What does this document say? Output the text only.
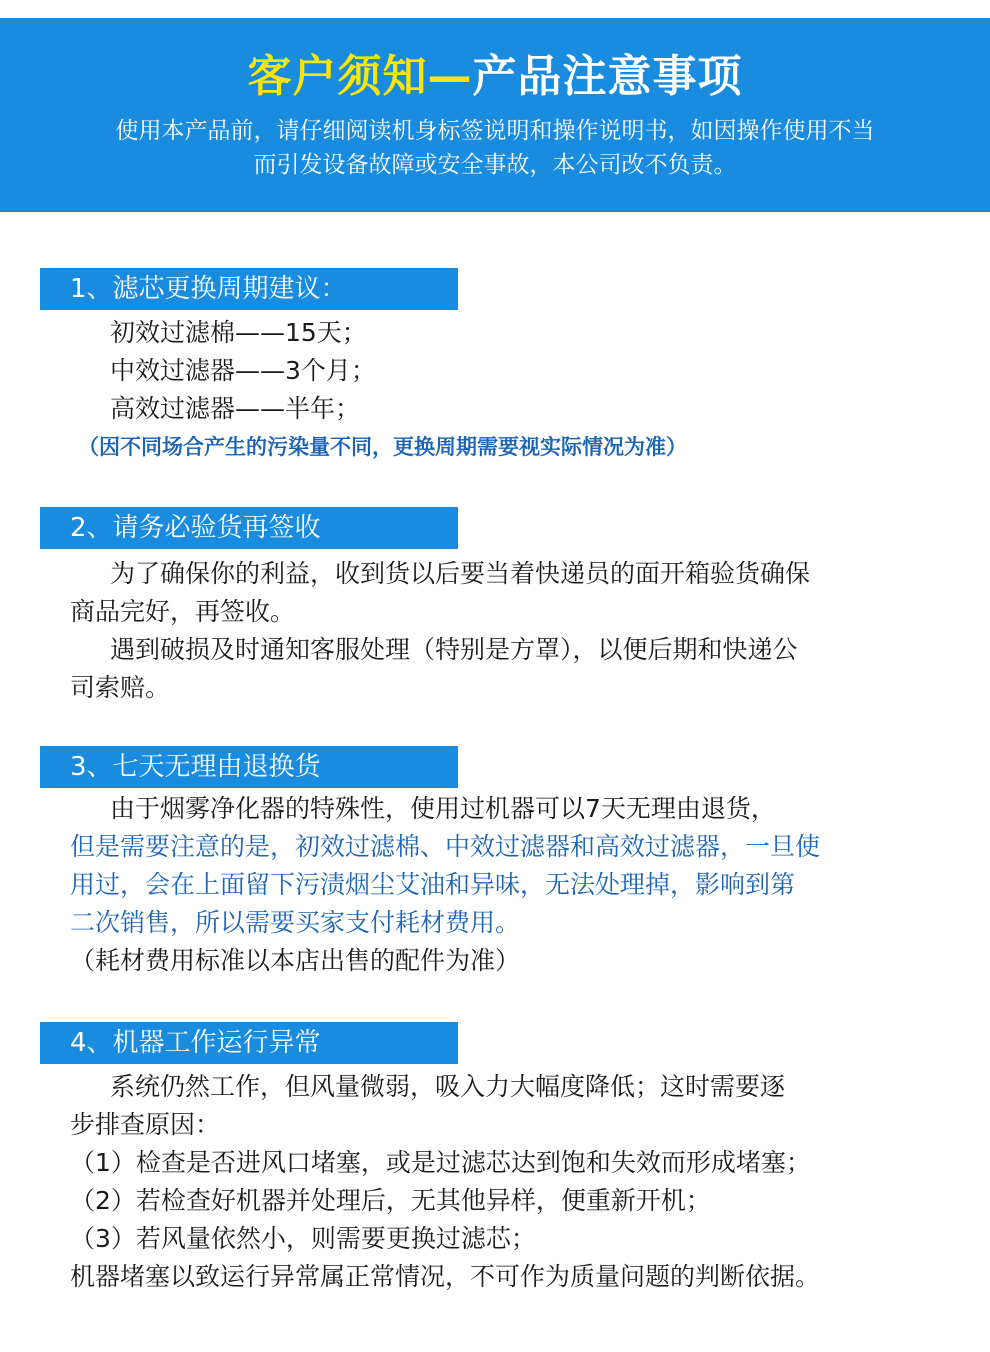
客户须知—产品注意事项
使用本产品前，请仔细阅读机身标签说明和操作说明书，如因操作使用不当
而引发设备故障或安全事故，本公司改不负责。
1、滤芯更换周期建议：
初效过滤棉——15天；
中效过滤器——3个月；
高效过滤器——半年；
（因不同场合产生的污染量不同，更换周期需要视实际情况为准）
2、请务必验货再签收
为了确保你的利益，收到货以后要当着快递员的面开箱验货确保
商品完好，再签收。
遇到破损及时通知客服处理（特别是方罩），以便后期和快递公
司索赔。
3、七天无理由退换货
由于烟雾净化器的特殊性，使用过机器可以7天无理由退货，
但是需要注意的是，初效过滤棉、中效过滤器和高效过滤器，一旦使
用过，会在上面留下污渍烟尘艾油和异味，无法处理掉，影响到第
二次销售，所以需要买家支付耗材费用。
（耗材费用标准以本店出售的配件为准）
4、机器工作运行异常
系统仍然工作，但风量微弱，吸入力大幅度降低；这时需要逐
步排查原因：
（1）检查是否进风口堵塞，或是过滤芯达到饱和失效而形成堵塞；
（2）若检查好机器并处理后，无其他异样，便重新开机；
（3）若风量依然小，则需要更换过滤芯；
机器堵塞以致运行异常属正常情况，不可作为质量问题的判断依据。
